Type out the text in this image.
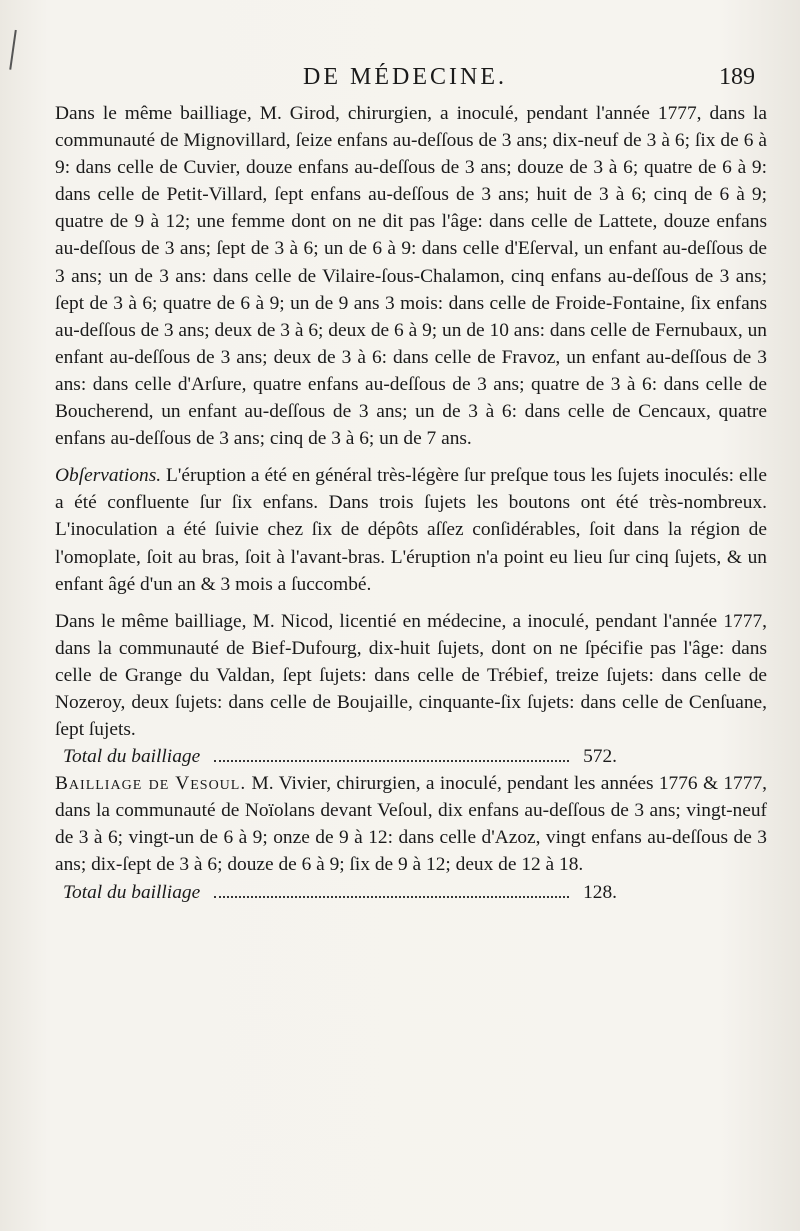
DE MÉDECINE.	189

Dans le même bailliage, M. Girod, chirurgien, a inoculé, pendant l'année 1777, dans la communauté de Mignovillard, ſeize enfans au-deſſous de 3 ans; dix-neuf de 3 à 6; ſix de 6 à 9: dans celle de Cuvier, douze enfans au-deſſous de 3 ans; douze de 3 à 6; quatre de 6 à 9: dans celle de Petit-Villard, ſept enfans au-deſſous de 3 ans; huit de 3 à 6; cinq de 6 à 9; quatre de 9 à 12; une femme dont on ne dit pas l'âge: dans celle de Lattete, douze enfans au-deſſous de 3 ans; ſept de 3 à 6; un de 6 à 9: dans celle d'Eſerval, un enfant au-deſſous de 3 ans; un de 3 ans: dans celle de Vilaire-ſous-Chalamon, cinq enfans au-deſſous de 3 ans; ſept de 3 à 6; quatre de 6 à 9; un de 9 ans 3 mois: dans celle de Froide-Fontaine, ſix enfans au-deſſous de 3 ans; deux de 3 à 6; deux de 6 à 9; un de 10 ans: dans celle de Fernubaux, un enfant au-deſſous de 3 ans; deux de 3 à 6: dans celle de Fravoz, un enfant au-deſſous de 3 ans: dans celle d'Arſure, quatre enfans au-deſſous de 3 ans; quatre de 3 à 6: dans celle de Boucherend, un enfant au-deſſous de 3 ans; un de 3 à 6: dans celle de Cencaux, quatre enfans au-deſſous de 3 ans; cinq de 3 à 6; un de 7 ans.

Obſervations. L'éruption a été en général très-légère ſur preſque tous les ſujets inoculés: elle a été confluente ſur ſix enfans. Dans trois ſujets les boutons ont été très-nombreux. L'inoculation a été ſuivie chez ſix de dépôts aſſez conſidérables, ſoit dans la région de l'omoplate, ſoit au bras, ſoit à l'avant-bras. L'éruption n'a point eu lieu ſur cinq ſujets, & un enfant âgé d'un an & 3 mois a ſuccombé.

Dans le même bailliage, M. Nicod, licentié en médecine, a inoculé, pendant l'année 1777, dans la communauté de Bief-Dufourg, dix-huit ſujets, dont on ne ſpécifie pas l'âge: dans celle de Grange du Valdan, ſept ſujets: dans celle de Trébief, treize ſujets: dans celle de Nozeroy, deux ſujets: dans celle de Boujaille, cinquante-ſix ſujets: dans celle de Cenſuane, ſept ſujets.

Total du bailliage	572.

Bailliage de Vesoul. M. Vivier, chirurgien, a inoculé, pendant les années 1776 & 1777, dans la communauté de Noïolans devant Veſoul, dix enfans au-deſſous de 3 ans; vingt-neuf de 3 à 6; vingt-un de 6 à 9; onze de 9 à 12: dans celle d'Azoz, vingt enfans au-deſſous de 3 ans; dix-ſept de 3 à 6; douze de 6 à 9; ſix de 9 à 12; deux de 12 à 18.

Total du bailliage	128.
